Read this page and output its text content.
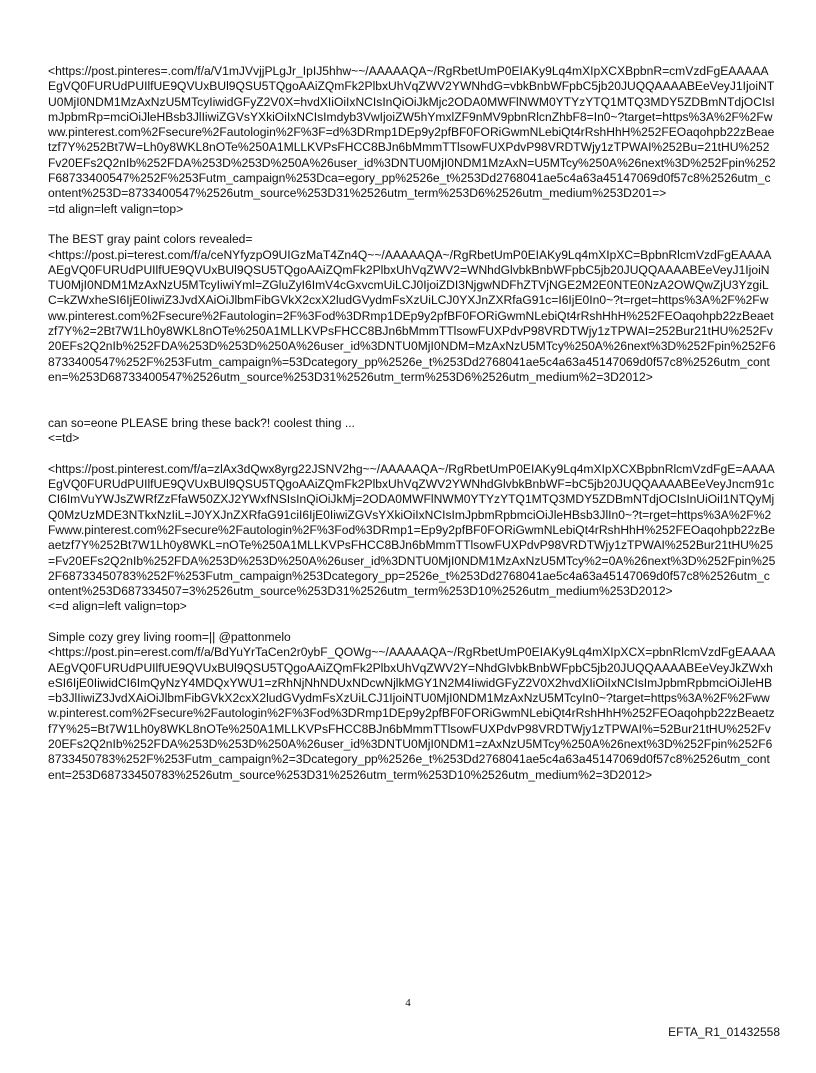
<https://post.pinteres=.com/f/a/V1mJVvjjPLgJr_IpIJ5hhw~~/AAAAAQA~/RgRbetUmP0EIAKy9Lq4mXIpXCXBpbnR=cmVzdFgEAAAAAEgVQ0FURUdPUIlfUE9QVUxBUl9QSU5TQgoAAiZQmFk2PlbxUhVqZWV2YWNhdG=vbkBnbWFpbC5jb20JUQQAAAABEeVeyJ1IjoiNTU0MjI0NDM1MzAxNzU5MTcyIiwidGFyZ2V0X=hvdXIiOiIxNCIsInQiOiJkMjc2ODA0MWFlNWM0YTYzYTQ1MTQ3MDY5ZDBmNTdjOCIsImJpbmRp=mciOiJleHBsb3JlIiwiZGVsYXkiOiIxNCIsImdyb3VwIjoiZW5hYmxlZF9nMV9pbnRlcnZhbF8=In0~?target=https%3A%2F%2Fwww.pinterest.com%2Fsecure%2Fautologin%2F%3F=d%3DRmp1DEp9y2pfBF0FORiGwmNLebiQt4rRshHhH%252FEOaqohpb22zBeaetzf7Y%252Bt7W=Lh0y8WKL8nOTe%250A1MLLKVPsFHCC8BJn6bMmmTTlsowFUXPdvP98VRDTWjy1zTPWAI%252Bu=21tHU%252Fv20EFs2Q2nIb%252FDA%253D%253D%250A%26user_id%3DNTU0MjI0NDM1MzAxN=U5MTcy%250A%26next%3D%252Fpin%252F68733400547%252F%253Futm_campaign%253Dca=egory_pp%2526e_t%253Dd2768041ae5c4a63a45147069d0f57c8%2526utm_content%253D=8733400547%2526utm_source%253D31%2526utm_term%253D6%2526utm_medium%253D201=>
=td align=left valign=top>
The BEST gray paint colors revealed=
<https://post.pi=terest.com/f/a/ceNYfyzpO9UIGzMaT4Zn4Q~~/AAAAAQA~/RgRbetUmP0EIAKy9Lq4mXIpXC=BpbnRlcmVzdFgEAAAAAEgVQ0FURUdPUIlfUE9QVUxBUl9QSU5TQgoAAiZQmFk2PlbxUhVqZWV2=WNhdGlvbkBnbWFpbC5jb20JUQQAAAABEeVeyJ1IjoiNTU0MjI0NDM1MzAxNzU5MTcyIiwiYml=ZGluZyI6ImV4cGxvcmUiLCJ0IjoiZDI3NjgwNDFhZTVjNGE2M2E0NTE0NzA2OWQwZjU3YzgiLC=kZWxheSI6IjE0IiwiZ3JvdXAiOiJlbmFibGVkX2cxX2ludGVydmFsXzUiLCJ0YXJnZXRfaG91c=I6IjE0In0~?t=rget=https%3A%2F%2Fwww.pinterest.com%2Fsecure%2Fautologin=2F%3Fod%3DRmp1DEp9y2pfBF0FORiGwmNLebiQt4rRshHhH%252FEOaqohpb22zBeaetzf7Y%2=2Bt7W1Lh0y8WKL8nOTe%250A1MLLKVPsFHCC8BJn6bMmmTTlsowFUXPdvP98VRDTWjy1zTPWAI=252Bur21tHU%252Fv20EFs2Q2nIb%252FDA%253D%253D%250A%26user_id%3DNTU0MjI0NDM=MzAxNzU5MTcy%250A%26next%3D%252Fpin%252F68733400547%252F%253Futm_campaign%=53Dcategory_pp%2526e_t%253Dd2768041ae5c4a63a45147069d0f57c8%2526utm_conten=%253D68733400547%2526utm_source%253D31%2526utm_term%253D6%2526utm_medium%2=3D2012>
can so=eone PLEASE bring these back?! coolest thing ...
<=td>
<https://post.pinterest.com/f/a=zlAx3dQwx8yrg22JSNV2hg~~/AAAAAQA~/RgRbetUmP0EIAKy9Lq4mXIpXCXBpbnRlcmVzdFgE=AAAAEgVQ0FURUdPUIlfUE9QVUxBUl9QSU5TQgoAAiZQmFk2PlbxUhVqZWV2YWNhdGlvbkBnbWF=bC5jb20JUQQAAAABEeVeyJncm91cCI6ImVuYWJsZWRfZzFfaW50ZXJ2YWxfNSIsInQiOiJkMj=2ODA0MWFlNWM0YTYzYTQ1MTQ3MDY5ZDBmNTdjOCIsInUiOiI1NTQyMjQ0MzUzMDE3NTkxNzIiL=J0YXJnZXRfaG91ciI6IjE0IiwiZGVsYXkiOiIxNCIsImJpbmRpbmciOiJleHBsb3JlIn0~?t=rget=https%3A%2F%2Fwww.pinterest.com%2Fsecure%2Fautologin%2F%3Fod%3DRmp1=Ep9y2pfBF0FORiGwmNLebiQt4rRshHhH%252FEOaqohpb22zBeaetzf7Y%252Bt7W1Lh0y8WKL=nOTe%250A1MLLKVPsFHCC8BJn6bMmmTTlsowFUXPdvP98VRDTWjy1zTPWAI%252Bur21tHU%25=Fv20EFs2Q2nIb%252FDA%253D%253D%250A%26user_id%3DNTU0MjI0NDM1MzAxNzU5MTcy%2=0A%26next%3D%252Fpin%252F68733450783%252F%253Futm_campaign%253Dcategory_pp=2526e_t%253Dd2768041ae5c4a63a45147069d0f57c8%2526utm_content%253D687334507=3%2526utm_source%253D31%2526utm_term%253D10%2526utm_medium%253D2012>
<=d align=left valign=top>
Simple cozy grey living room=|| @pattonmelo
<https://post.pin=erest.com/f/a/BdYuYrTaCen2r0ybF_QOWg~~/AAAAAQA~/RgRbetUmP0EIAKy9Lq4mXIpXCX=pbnRlcmVzdFgEAAAAAEgVQ0FURUdPUIlfUE9QVUxBUl9QSU5TQgoAAiZQmFk2PlbxUhVqZWV2Y=NhdGlvbkBnbWFpbC5jb20JUQQAAAABEeVeyJkZWxheSI6IjE0IiwidCI6ImQyNzY4MDQxYWU1=zRhNjNhNDUxNDcwNjlkMGY1N2M4IiwidGFyZ2V0X2hvdXIiOiIxNCIsImJpbmRpbmciOiJleHB=b3JlIiwiZ3JvdXAiOiJlbmFibGVkX2cxX2ludGVydmFsXzUiLCJ1IjoiNTU0MjI0NDM1MzAxNzU5MTcyIn0~?target=https%3A%2F%2Fwww.pinterest.com%2Fsecure%2Fautologin%2F%3Fod%3DRmp1DEp9y2pfBF0FORiGwmNLebiQt4rRshHhH%252FEOaqohpb22zBeaetzf7Y%25=Bt7W1Lh0y8WKL8nOTe%250A1MLLKVPsFHCC8BJn6bMmmTTlsowFUXPdvP98VRDTWjy1zTPWAI%=52Bur21tHU%252Fv20EFs2Q2nIb%252FDA%253D%253D%250A%26user_id%3DNTU0MjI0NDM1=zAxNzU5MTcy%250A%26next%3D%252Fpin%252F68733450783%252F%253Futm_campaign%2=3Dcategory_pp%2526e_t%253Dd2768041ae5c4a63a45147069d0f57c8%2526utm_content=253D68733450783%2526utm_source%253D31%2526utm_term%253D10%2526utm_medium%2=3D2012>
4
EFTA_R1_01432558
